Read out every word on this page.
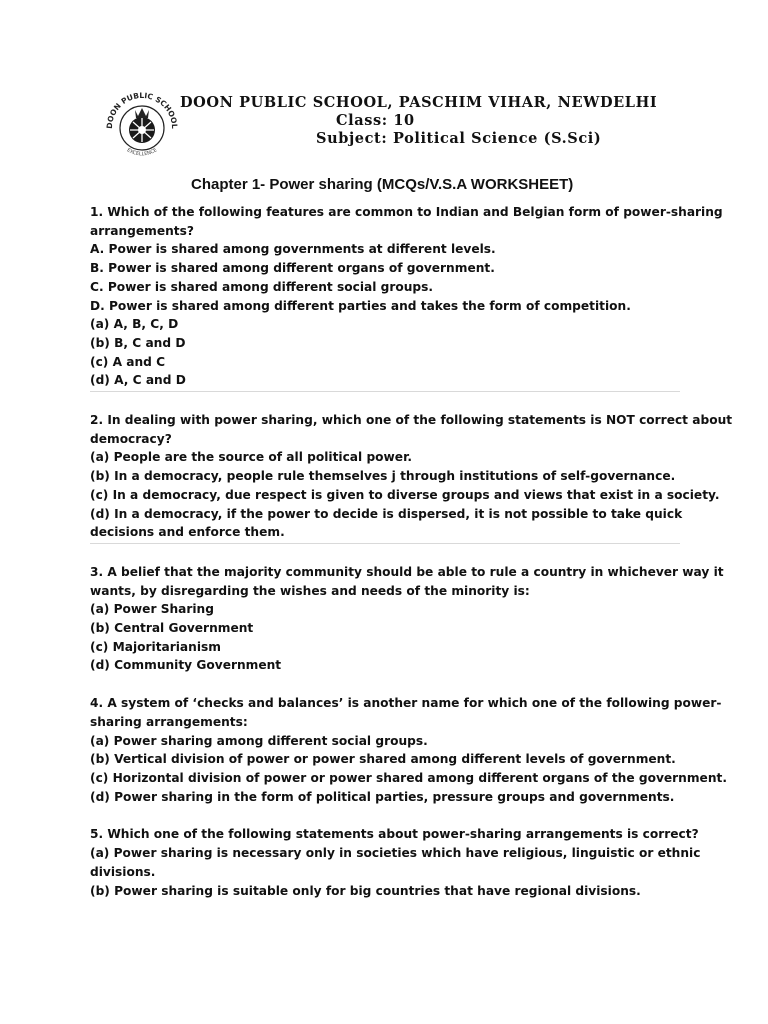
DOON PUBLIC SCHOOL
EXCELLENCE
DOON PUBLIC SCHOOL, PASCHIM VIHAR, NEWDELHI
Class: 10
Subject: Political Science (S.Sci)
Chapter 1- Power sharing (MCQs/V.S.A WORKSHEET)

1. Which of the following features are common to Indian and Belgian form of power-sharing

arrangements?

A. Power is shared among governments at different levels.

B. Power is shared among different organs of government.

C. Power is shared among different social groups.

D. Power is shared among different parties and takes the form of competition.

(a) A, B, C, D

(b) B, C and D

(c) A and C

(d) A, C and D

2. In dealing with power sharing, which one of the following statements is NOT correct about

democracy?

(a) People are the source of all political power.

(b) In a democracy, people rule themselves j through institutions of self-governance.

(c) In a democracy, due respect is given to diverse groups and views that exist in a society.

(d) In a democracy, if the power to decide is dispersed, it is not possible to take quick

decisions and enforce them.

3. A belief that the majority community should be able to rule a country in whichever way it

wants, by disregarding the wishes and needs of the minority is:

(a) Power Sharing

(b) Central Government

(c) Majoritarianism

(d) Community Government

4. A system of ‘checks and balances’ is another name for which one of the following power-

sharing arrangements:

(a) Power sharing among different social groups.

(b) Vertical division of power or power shared among different levels of government.

(c) Horizontal division of power or power shared among different organs of the government.

(d) Power sharing in the form of political parties, pressure groups and governments.

5. Which one of the following statements about power-sharing arrangements is correct?

(a) Power sharing is necessary only in societies which have religious, linguistic or ethnic

divisions.

(b) Power sharing is suitable only for big countries that have regional divisions.
